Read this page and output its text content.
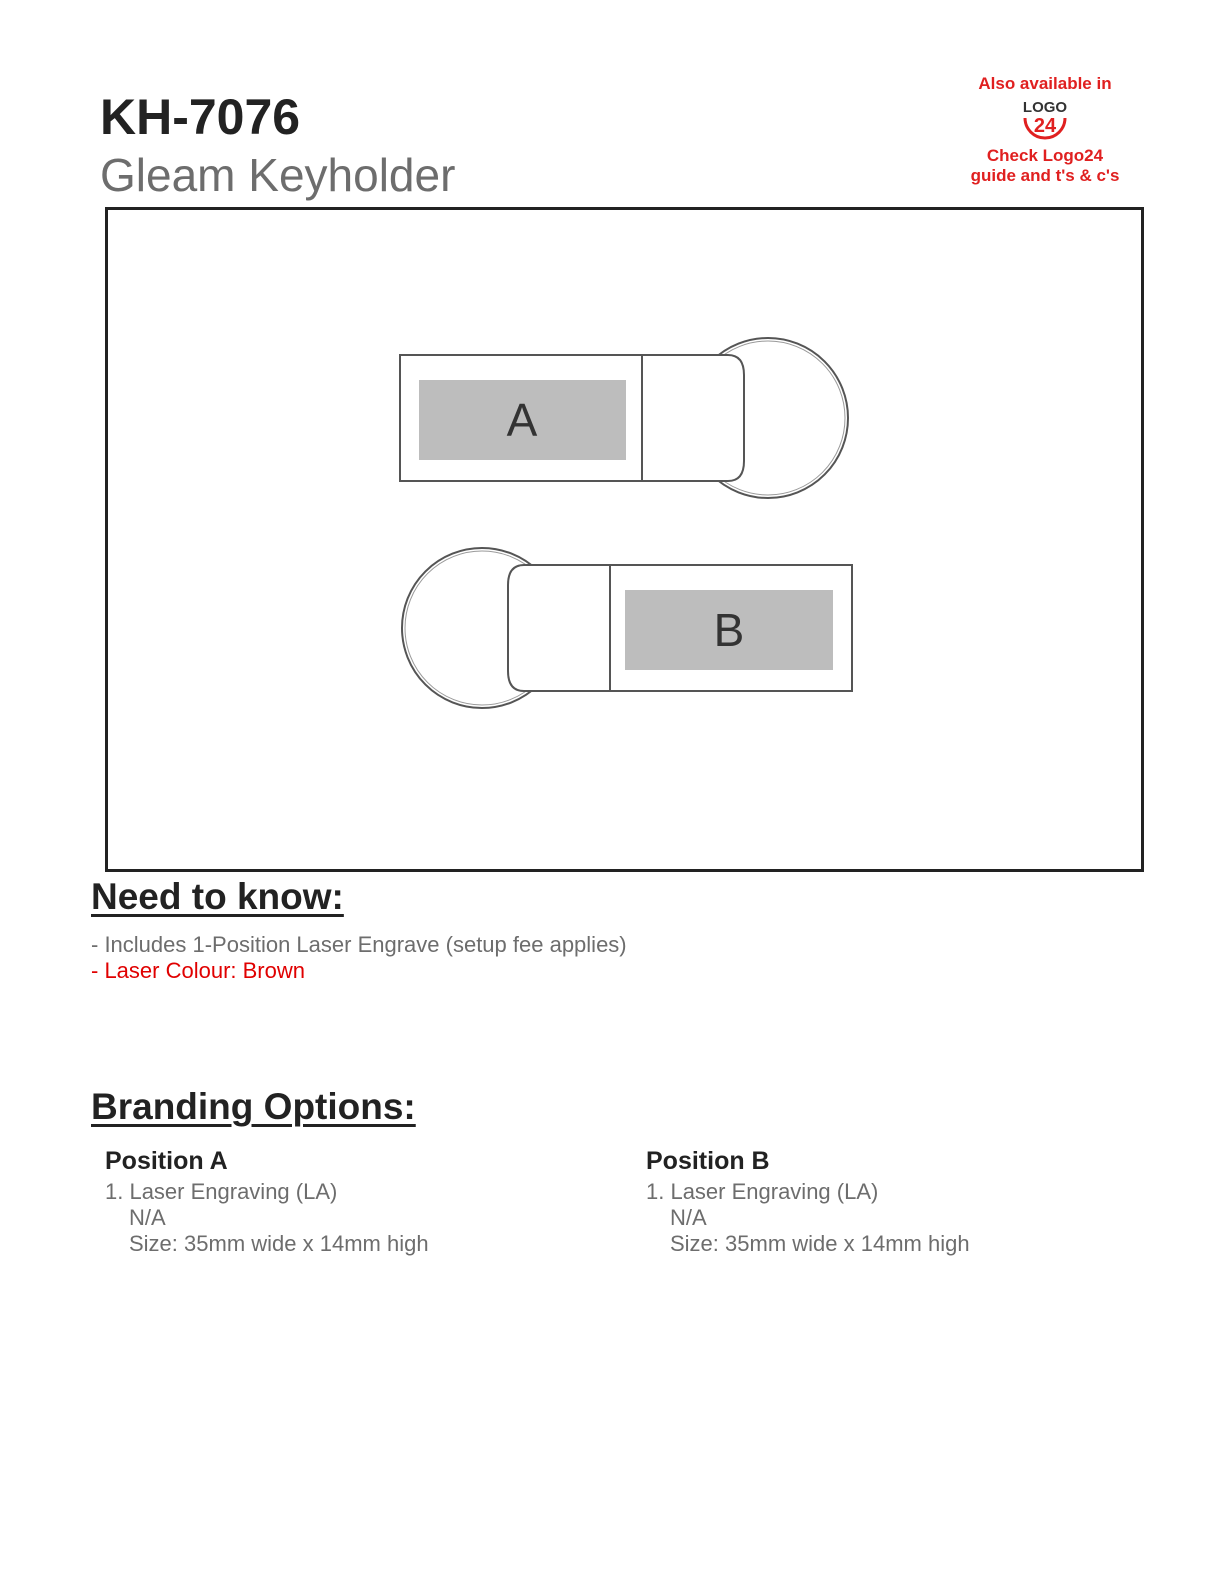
KH-7076
Gleam Keyholder
Also available in
LOGO
24
Check Logo24
guide and t's & c's
A
B
Need to know:
- Includes 1-Position Laser Engrave (setup fee applies)
- Laser Colour: Brown
Branding Options:
Position A
1. Laser Engraving (LA)
N/A
Size: 35mm wide x 14mm high
Position B
1. Laser Engraving (LA)
N/A
Size: 35mm wide x 14mm high
